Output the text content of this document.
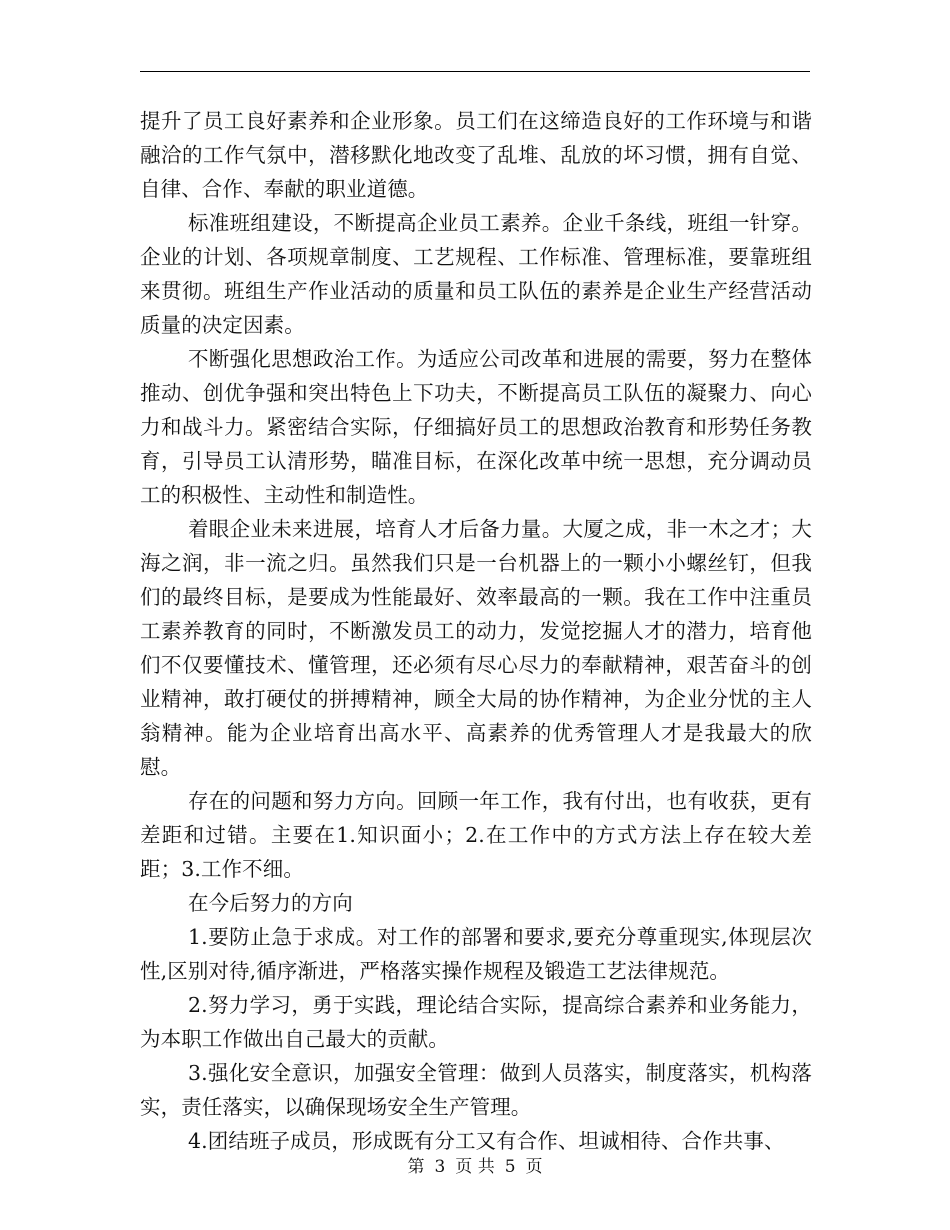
提升了员工良好素养和企业形象。员工们在这缔造良好的工作环境与和谐融洽的工作气氛中，潜移默化地改变了乱堆、乱放的坏习惯，拥有自觉、自律、合作、奉献的职业道德。

标准班组建设，不断提高企业员工素养。企业千条线，班组一针穿。企业的计划、各项规章制度、工艺规程、工作标准、管理标准，要靠班组来贯彻。班组生产作业活动的质量和员工队伍的素养是企业生产经营活动质量的决定因素。

不断强化思想政治工作。为适应公司改革和进展的需要，努力在整体推动、创优争强和突出特色上下功夫，不断提高员工队伍的凝聚力、向心力和战斗力。紧密结合实际，仔细搞好员工的思想政治教育和形势任务教育，引导员工认清形势，瞄准目标，在深化改革中统一思想，充分调动员工的积极性、主动性和制造性。

着眼企业未来进展，培育人才后备力量。大厦之成，非一木之才；大海之润，非一流之归。虽然我们只是一台机器上的一颗小小螺丝钉，但我们的最终目标，是要成为性能最好、效率最高的一颗。我在工作中注重员工素养教育的同时，不断激发员工的动力，发觉挖掘人才的潜力，培育他们不仅要懂技术、懂管理，还必须有尽心尽力的奉献精神，艰苦奋斗的创业精神，敢打硬仗的拼搏精神，顾全大局的协作精神，为企业分忧的主人翁精神。能为企业培育出高水平、高素养的优秀管理人才是我最大的欣慰。

存在的问题和努力方向。回顾一年工作，我有付出，也有收获，更有差距和过错。主要在1.知识面小；2.在工作中的方式方法上存在较大差距；3.工作不细。

在今后努力的方向

1.要防止急于求成。对工作的部署和要求,要充分尊重现实,体现层次性,区别对待,循序渐进，严格落实操作规程及锻造工艺法律规范。

2.努力学习，勇于实践，理论结合实际，提高综合素养和业务能力，为本职工作做出自己最大的贡献。

3.强化安全意识，加强安全管理：做到人员落实，制度落实，机构落实，责任落实，以确保现场安全生产管理。

4.团结班子成员，形成既有分工又有合作、坦诚相待、合作共事、

第 3 页 共 5 页
